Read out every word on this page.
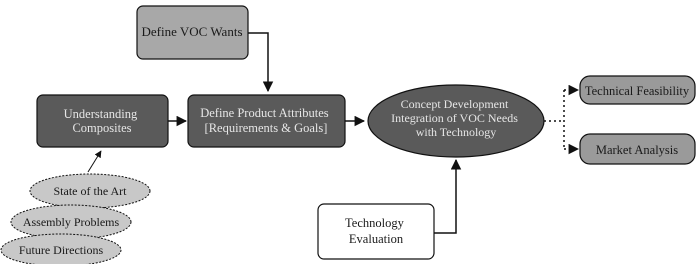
Define VOC Wants
Understanding Composites
Define Product Attributes [Requirements & Goals]
Concept Development Integration of VOC Needs with Technology
Technical Feasibility
Market Analysis
Technology Evaluation
State of the Art
Assembly Problems
Future Directions
